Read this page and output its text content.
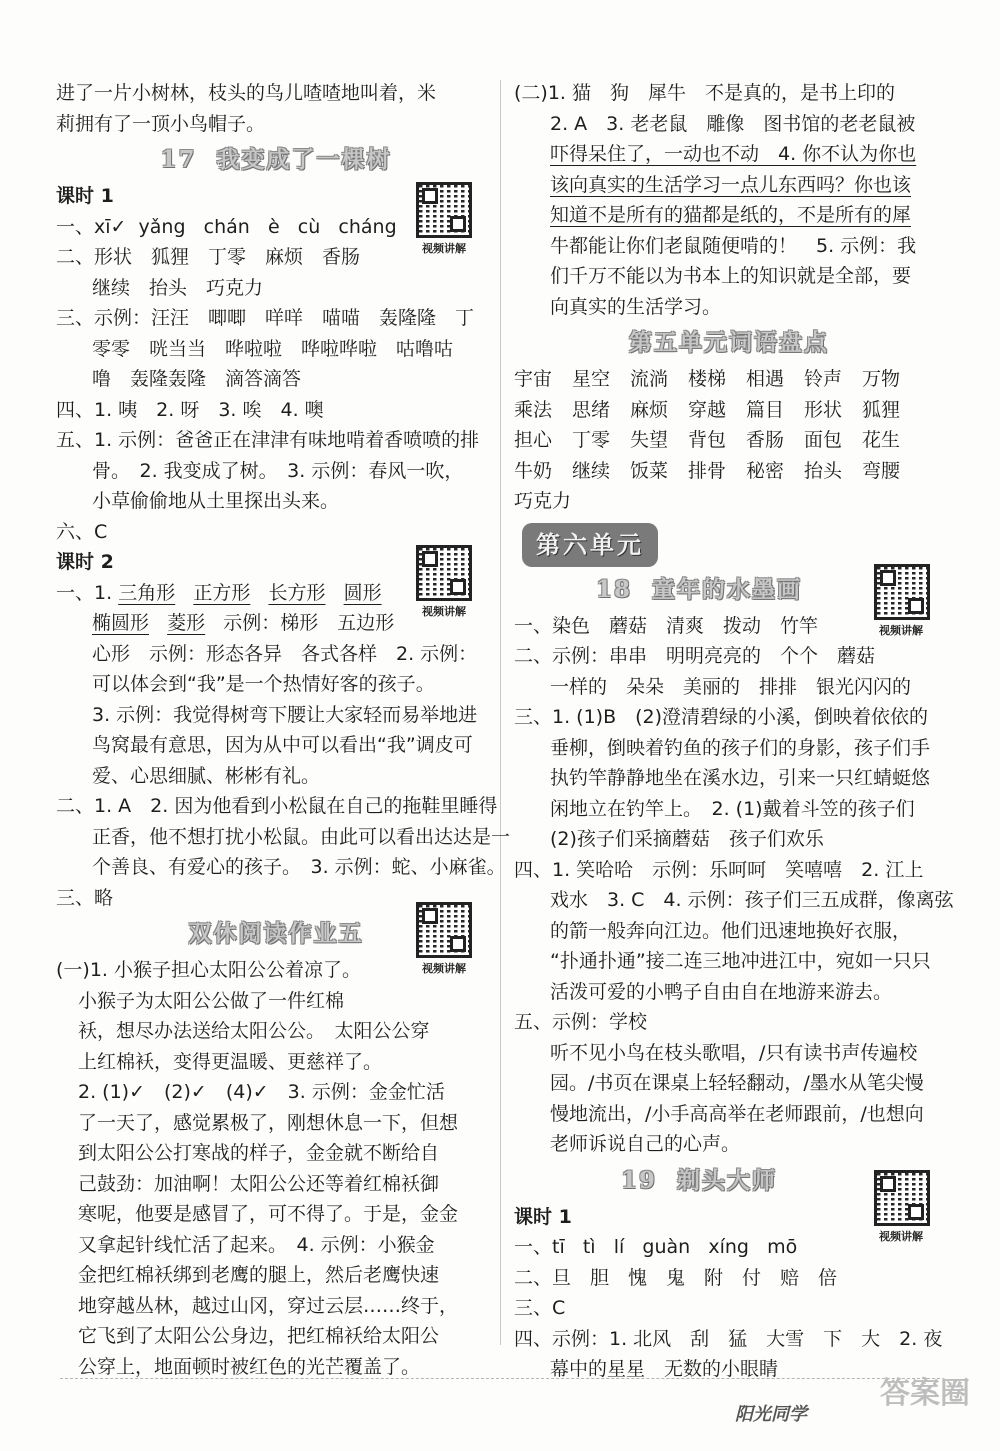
进了一片小树林，枝头的鸟儿喳喳地叫着，米
莉拥有了一顶小鸟帽子。
17 我变成了一棵树
课时 1
一、xī✓  yǎng chán è cù cháng
二、形状　狐狸　丁零　麻烦　香肠
继续　抬头　巧克力
三、示例：汪汪　唧唧　咩咩　喵喵　轰隆隆　丁
零零　咣当当　哗啦啦　哗啦哗啦　咕噜咕
噜　轰隆轰隆　滴答滴答
四、1. 咦　2. 呀　3. 唉　4. 噢
五、1. 示例：爸爸正在津津有味地啃着香喷喷的排
骨。　2. 我变成了树。　3. 示例：春风一吹，
小草偷偷地从土里探出头来。
六、C
课时 2
一、1. 三角形 正方形 长方形 圆形
椭圆形 菱形 示例：梯形　五边形
心形　示例：形态各异　各式各样　2. 示例：
可以体会到“我”是一个热情好客的孩子。
3. 示例：我觉得树弯下腰让大家轻而易举地进
鸟窝最有意思，因为从中可以看出“我”调皮可
爱、心思细腻、彬彬有礼。
二、1. A　2. 因为他看到小松鼠在自己的拖鞋里睡得
正香，他不想打扰小松鼠。由此可以看出达达是一
个善良、有爱心的孩子。　3. 示例：蛇、小麻雀。
三、略
双休阅读作业五
(一)1. 小猴子担心太阳公公着凉了。
小猴子为太阳公公做了一件红棉
袄，想尽办法送给太阳公公。　太阳公公穿
上红棉袄，变得更温暖、更慈祥了。
2. (1)✓　(2)✓　(4)✓　3. 示例：金金忙活
了一天了，感觉累极了，刚想休息一下，但想
到太阳公公打寒战的样子，金金就不断给自
己鼓劲：加油啊！太阳公公还等着红棉袄御
寒呢，他要是感冒了，可不得了。于是，金金
又拿起针线忙活了起来。　4. 示例：小猴金
金把红棉袄绑到老鹰的腿上，然后老鹰快速
地穿越丛林，越过山冈，穿过云层……终于，
它飞到了太阳公公身边，把红棉袄给太阳公
公穿上，地面顿时被红色的光芒覆盖了。
视频讲解
视频讲解
视频讲解
(二)1. 猫　狗　犀牛　不是真的，是书上印的
2. A　3. 老老鼠　雕像　图书馆的老老鼠被
吓得呆住了，一动也不动　4. 你不认为你也
该向真实的生活学习一点儿东西吗？你也该
知道不是所有的猫都是纸的，不是所有的犀
牛都能让你们老鼠随便啃的！　5. 示例：我
们千万不能以为书本上的知识就是全部，要
向真实的生活学习。
第五单元词语盘点
宇宙 星空 流淌 楼梯 相遇 铃声 万物
乘法 思绪 麻烦 穿越 篇目 形状 狐狸
担心 丁零 失望 背包 香肠 面包 花生
牛奶 继续 饭菜 排骨 秘密 抬头 弯腰
巧克力
第六单元
18 童年的水墨画
一、染色　蘑菇　清爽　拨动　竹竿
二、示例：串串　明明亮亮的　个个　蘑菇
一样的　朵朵　美丽的　排排　银光闪闪的
三、1. (1)B　(2)澄清碧绿的小溪，倒映着依依的
垂柳，倒映着钓鱼的孩子们的身影，孩子们手
执钓竿静静地坐在溪水边，引来一只红蜻蜓悠
闲地立在钓竿上。　2. (1)戴着斗笠的孩子们
(2)孩子们采摘蘑菇　孩子们欢乐
四、1. 笑哈哈　示例：乐呵呵　笑嘻嘻　2. 江上
戏水　3. C　4. 示例：孩子们三五成群，像离弦
的箭一般奔向江边。他们迅速地换好衣服，
“扑通扑通”接二连三地冲进江中，宛如一只只
活泼可爱的小鸭子自由自在地游来游去。
五、示例：学校
听不见小鸟在枝头歌唱，/只有读书声传遍校
园。/书页在课桌上轻轻翻动，/墨水从笔尖慢
慢地流出，/小手高高举在老师跟前，/也想向
老师诉说自己的心声。
19 剃头大师
课时 1
一、tī tì lí guàn xíng mō
二、旦　胆　愧　鬼　附　付　赔　倍
三、C
四、示例：1. 北风　刮　猛　大雪　下　大　2. 夜
幕中的星星　无数的小眼睛
视频讲解
视频讲解
阳光同学
答案圈
